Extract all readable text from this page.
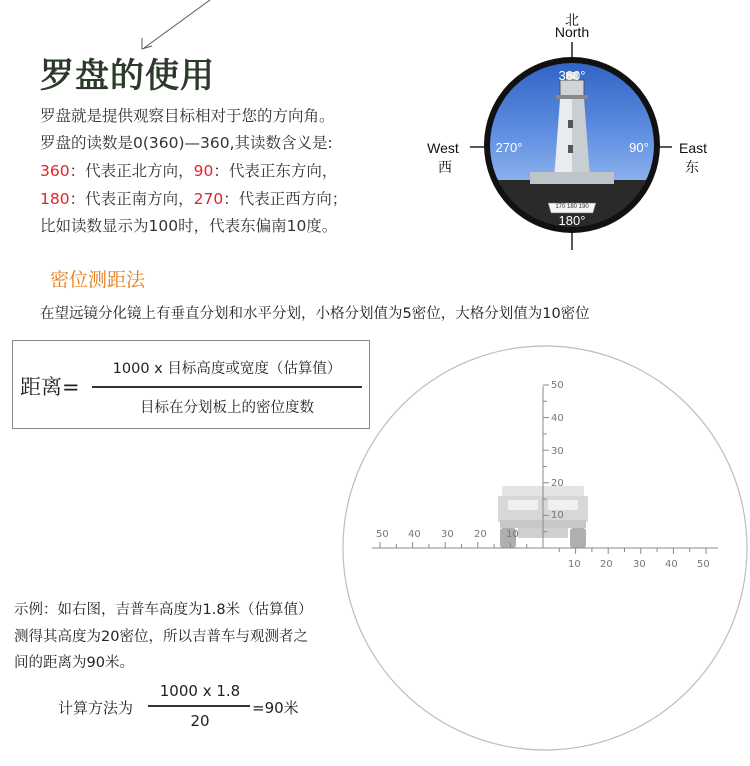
罗盘的使用
罗盘就是提供观察目标相对于您的方向角。
罗盘的读数是0(360)—360,其读数含义是:
360：代表正北方向，90：代表正东方向，
180：代表正南方向，270：代表正西方向；
比如读数显示为100时，代表东偏南10度。
北
North
West
西
East
东
360°
270°	90°
180°
170 180 190
密位测距法
在望远镜分化镜上有垂直分划和水平分划，小格分划值为5密位，大格分划值为10密位
距离=
1000 x 目标高度或宽度（估算值）
目标在分划板上的密位度数
50
40
30
20
10
50 40 30 20 10
10 20 30 40 50
示例：如右图，吉普车高度为1.8米（估算值）
测得其高度为20密位，所以吉普车与观测者之
间的距离为90米。
计算方法为
1000 x 1.8
20
=90米
